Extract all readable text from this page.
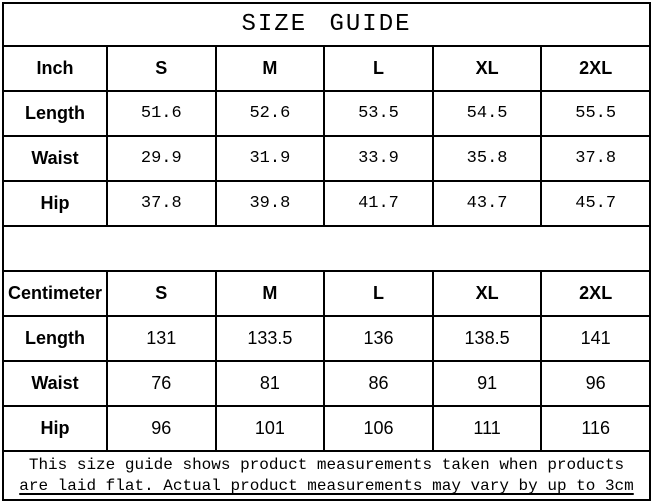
SIZE GUIDE					
Inch	S	M	L	XL	2XL
Length	51.6	52.6	53.5	54.5	55.5
Waist	29.9	31.9	33.9	35.8	37.8
Hip	37.8	39.8	41.7	43.7	45.7

Centimeter	S	M	L	XL	2XL
Length	131	133.5	136	138.5	141
Waist	76	81	86	91	96
Hip	96	101	106	111	116

This size guide shows product measurements taken when products
are laid flat. Actual product measurements may vary by up to 3cm					
